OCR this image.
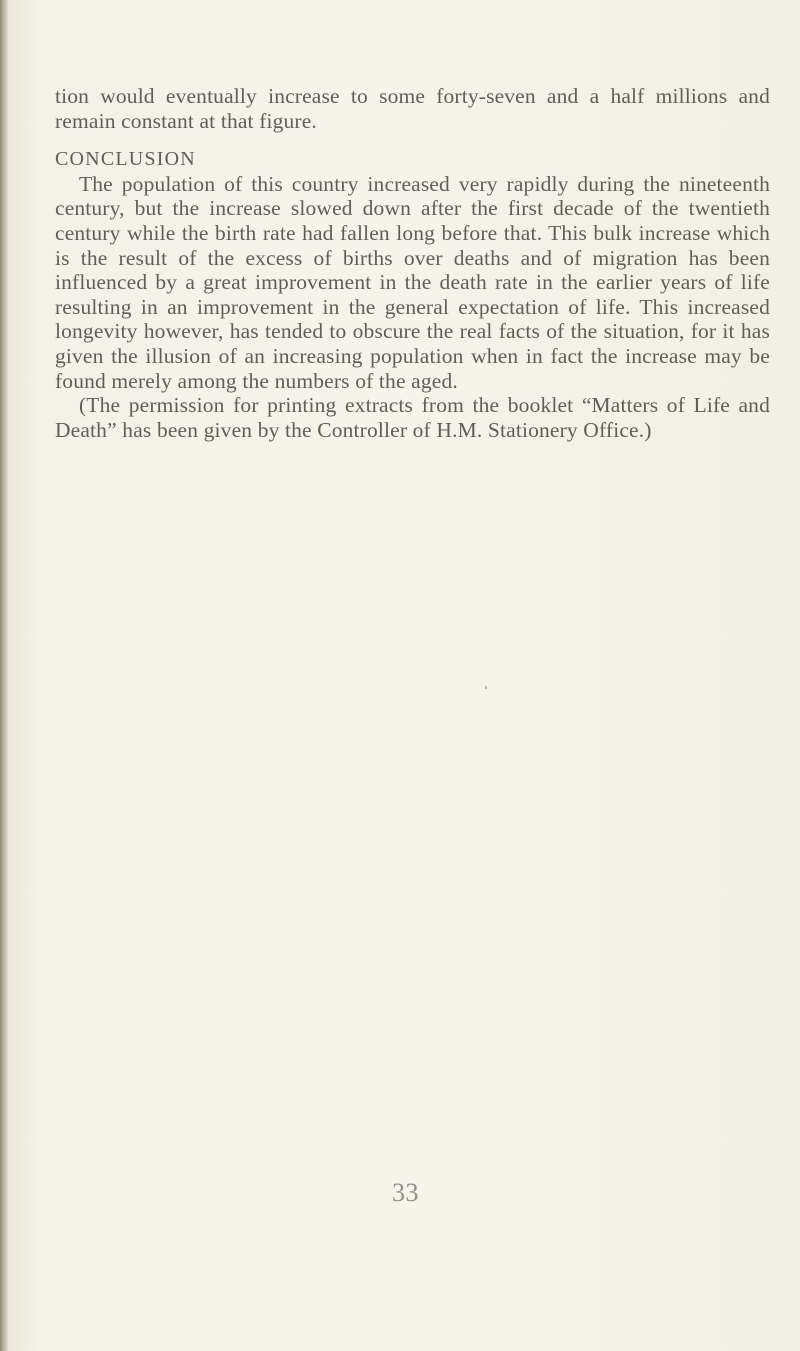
tion would eventually increase to some forty-seven and a half millions and remain constant at that figure.

CONCLUSION

The population of this country increased very rapidly during the nineteenth century, but the increase slowed down after the first decade of the twentieth century while the birth rate had fallen long before that. This bulk increase which is the result of the excess of births over deaths and of migration has been influenced by a great improvement in the death rate in the earlier years of life resulting in an improvement in the general expectation of life. This increased longevity however, has tended to obscure the real facts of the situation, for it has given the illusion of an increasing population when in fact the increase may be found merely among the numbers of the aged.

(The permission for printing extracts from the booklet “Matters of Life and Death” has been given by the Controller of H.M. Stationery Office.)

33
